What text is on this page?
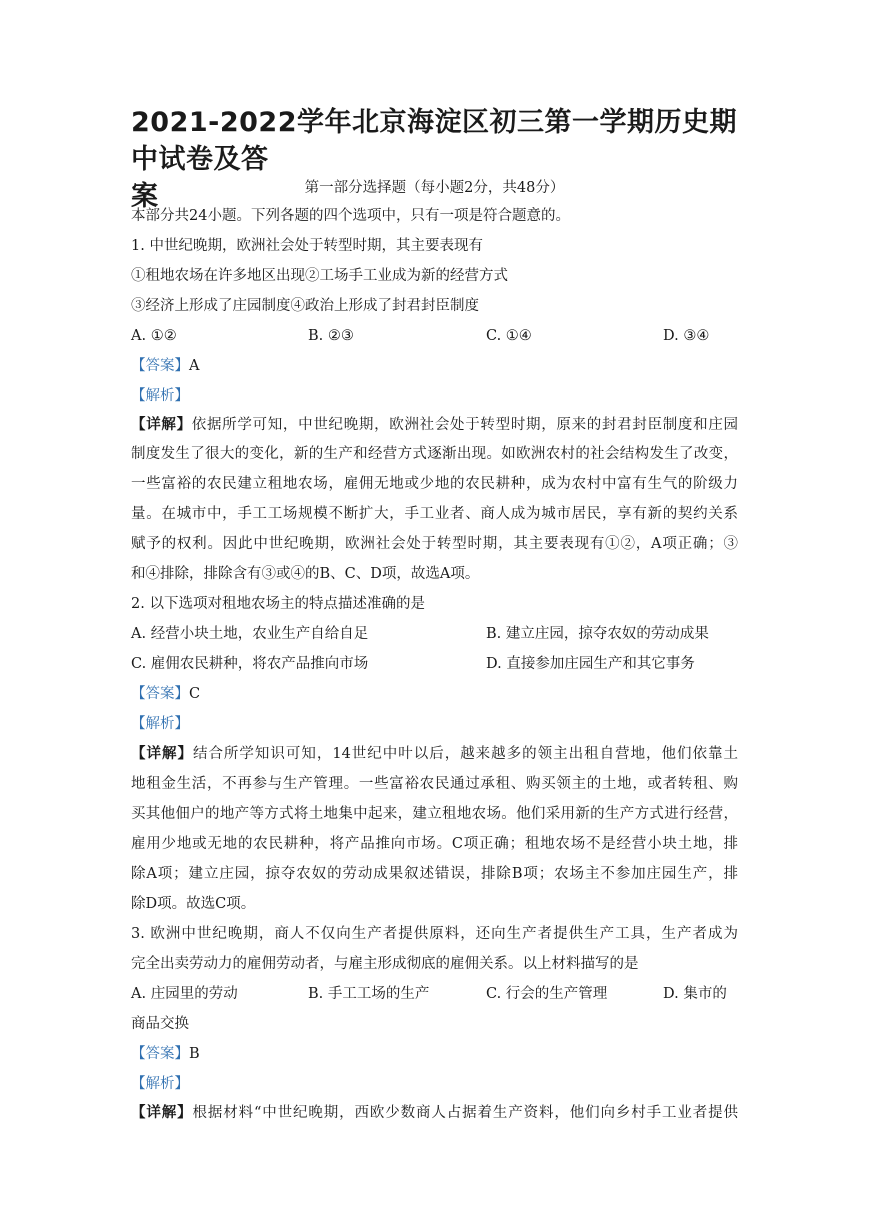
2021-2022学年北京海淀区初三第一学期历史期中试卷及答
案	第一部分选择题（每小题2分，共48分）
本部分共24小题。下列各题的四个选项中，只有一项是符合题意的。
1. 中世纪晚期，欧洲社会处于转型时期，其主要表现有
①租地农场在许多地区出现②工场手工业成为新的经营方式
③经济上形成了庄园制度④政治上形成了封君封臣制度
A. ①②	B. ②③	C. ①④	D. ③④
【答案】A
【解析】
【详解】依据所学可知，中世纪晚期，欧洲社会处于转型时期，原来的封君封臣制度和庄园
制度发生了很大的变化，新的生产和经营方式逐渐出现。如欧洲农村的社会结构发生了改变，
一些富裕的农民建立租地农场，雇佣无地或少地的农民耕种，成为农村中富有生气的阶级力
量。在城市中，手工工场规模不断扩大，手工业者、商人成为城市居民，享有新的契约关系
赋予的权利。因此中世纪晚期，欧洲社会处于转型时期，其主要表现有①②，A项正确；③
和④排除，排除含有③或④的B、C、D项，故选A项。
2. 以下选项对租地农场主的特点描述准确的是
A. 经营小块土地，农业生产自给自足	B. 建立庄园，掠夺农奴的劳动成果
C. 雇佣农民耕种，将农产品推向市场	D. 直接参加庄园生产和其它事务
【答案】C
【解析】
【详解】结合所学知识可知，14世纪中叶以后，越来越多的领主出租自营地，他们依靠土
地租金生活，不再参与生产管理。一些富裕农民通过承租、购买领主的土地，或者转租、购
买其他佃户的地产等方式将土地集中起来，建立租地农场。他们采用新的生产方式进行经营，
雇用少地或无地的农民耕种，将产品推向市场。C项正确；租地农场不是经营小块土地，排
除A项；建立庄园，掠夺农奴的劳动成果叙述错误，排除B项；农场主不参加庄园生产，排
除D项。故选C项。
3. 欧洲中世纪晚期，商人不仅向生产者提供原料，还向生产者提供生产工具，生产者成为
完全出卖劳动力的雇佣劳动者，与雇主形成彻底的雇佣关系。以上材料描写的是
A. 庄园里的劳动	B. 手工工场的生产	C. 行会的生产管理	D. 集市的
商品交换
【答案】B
【解析】
【详解】根据材料“中世纪晚期，西欧少数商人占据着生产资料，他们向乡村手工业者提供
